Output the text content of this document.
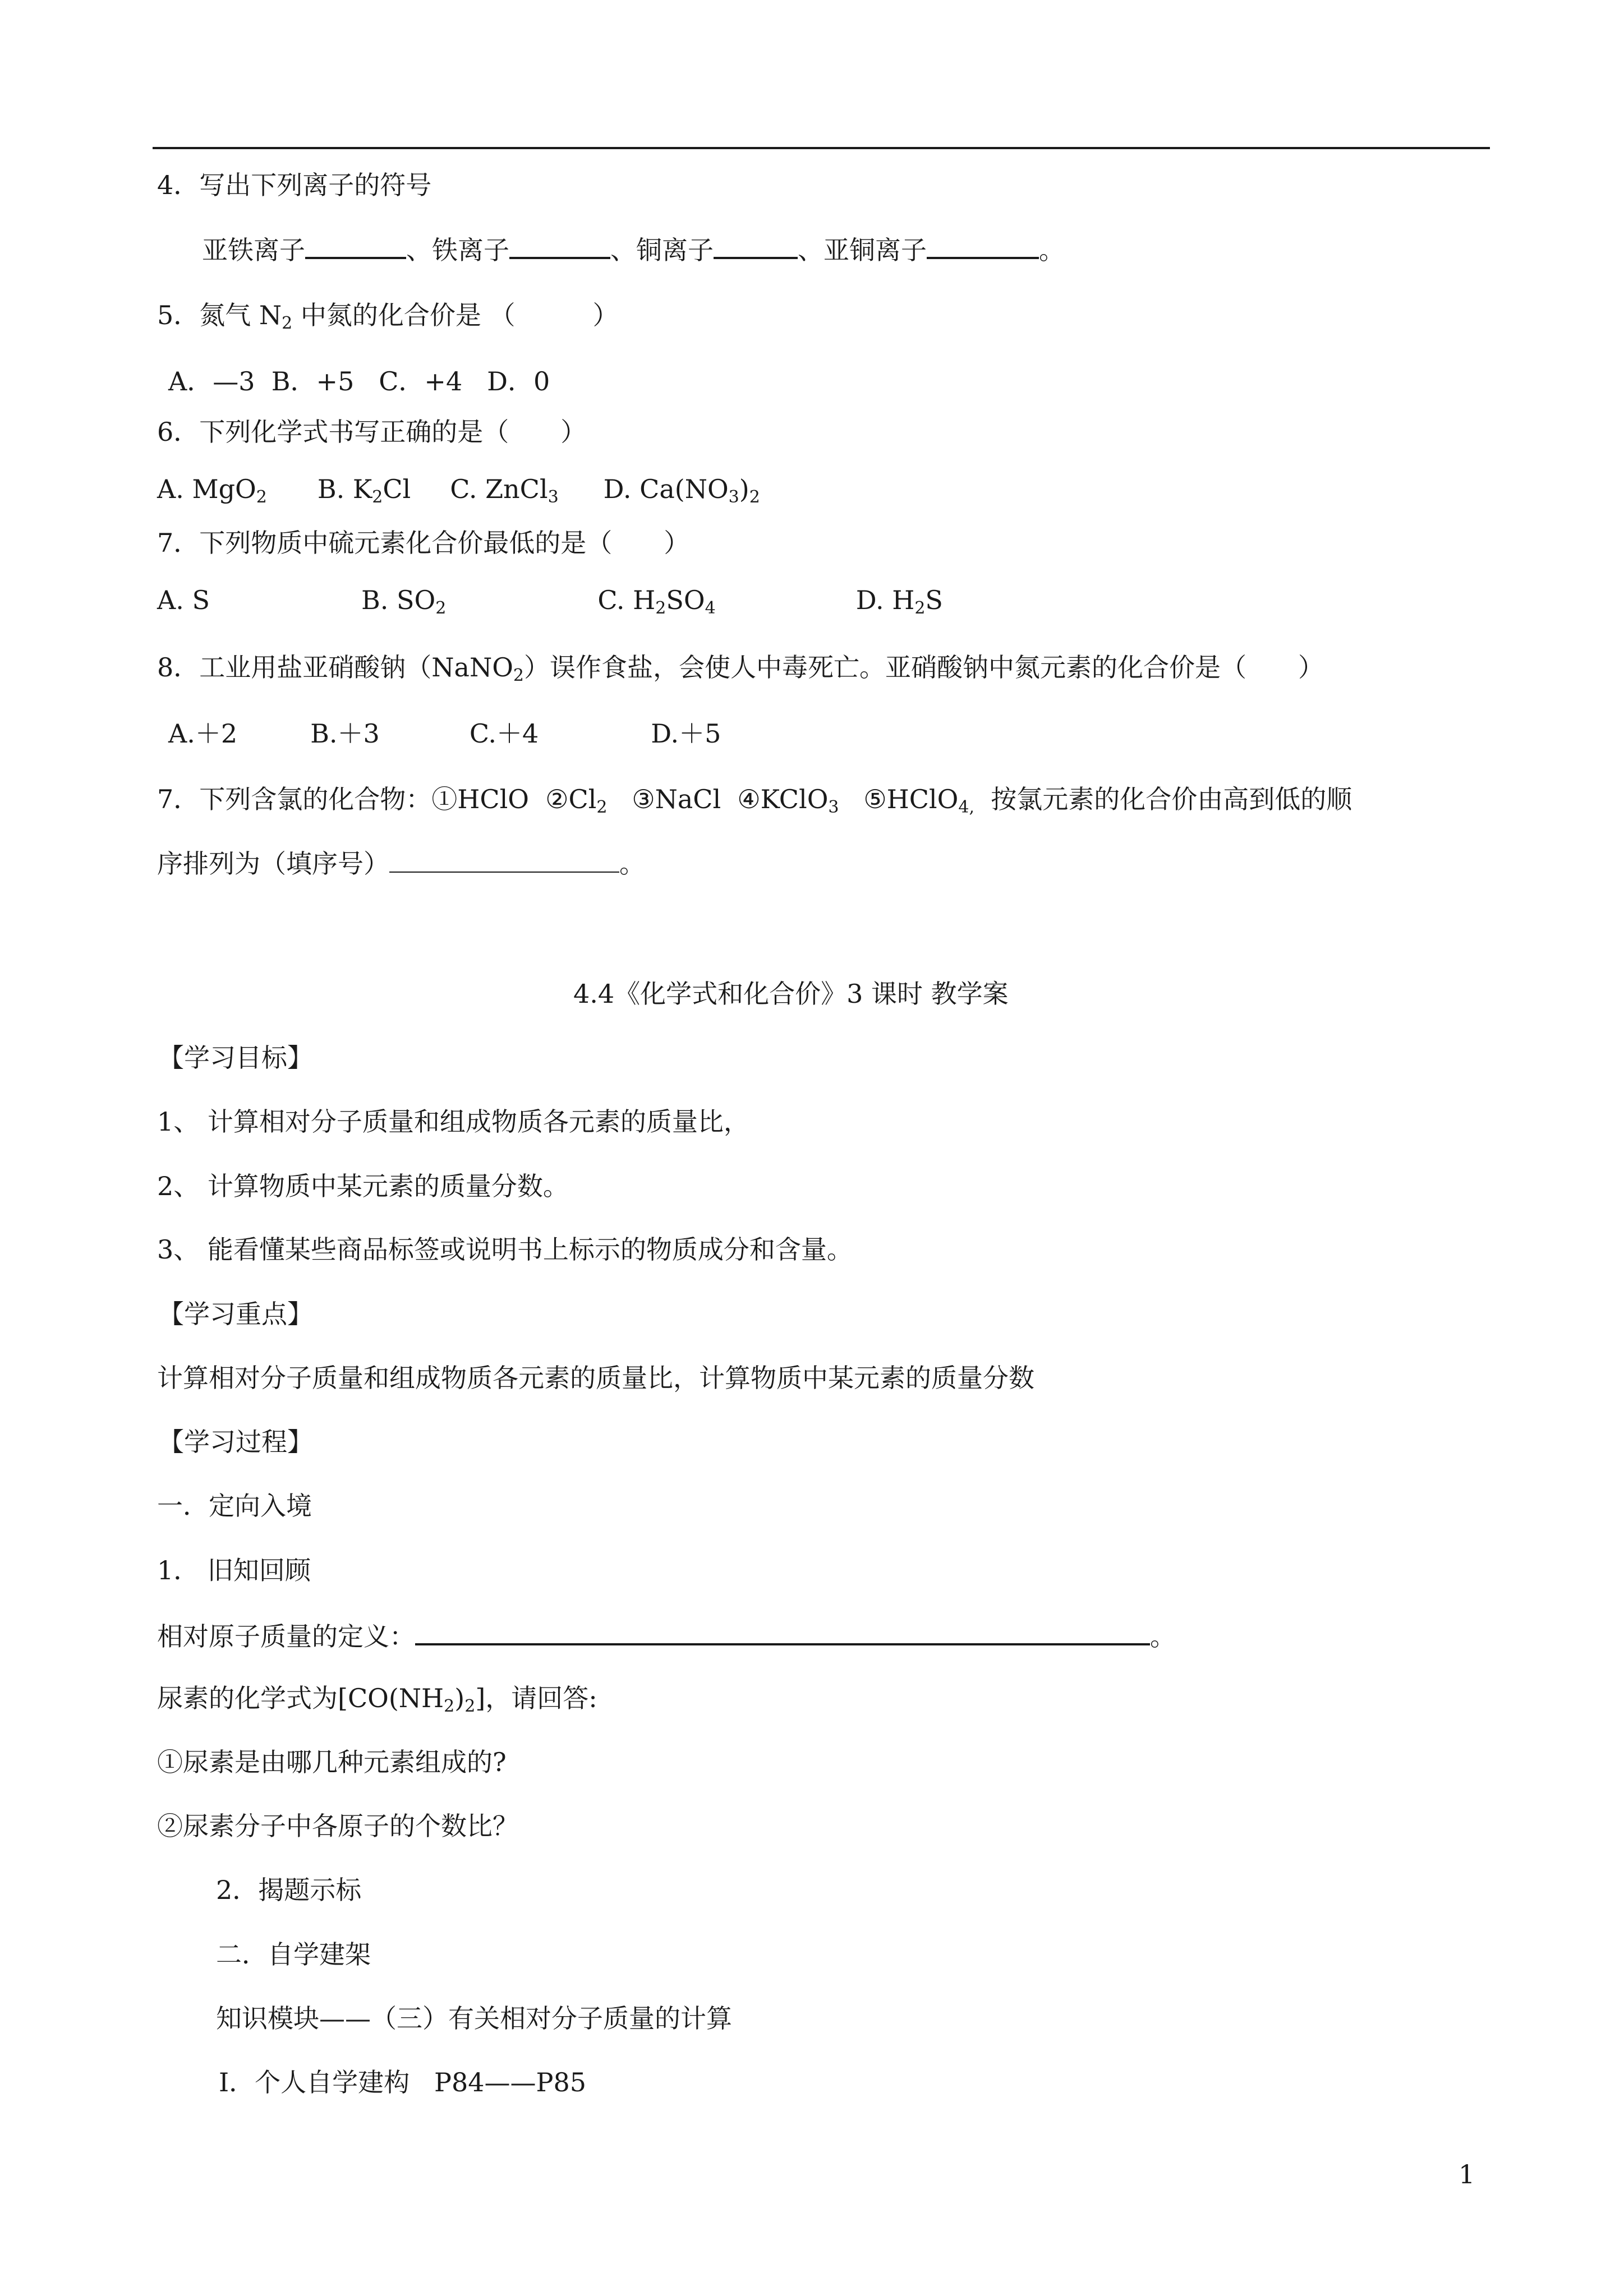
4．写出下列离子的符号
亚铁离子	、铁离子	、铜离子	、亚铜离子	。
5．氮气 $N_2$ 中氮的化合价是 （　　　）
A．—3  B．+5   C．+4   D．0
6．下列化学式书写正确的是（　　）
A. MgO$_2$ B. $K_2Cl$ C. ZnCl$_3$ D. $Ca(NO_3)_2$
7．下列物质中硫元素化合价最低的是（　　）
A. S	B. $SO_2$	C. $H_2SO_4$	D. $H_2S$
8．工业用盐亚硝酸钠（NaNO$_2$）误作食盐，会使人中毒死亡。亚硝酸钠中氮元素的化合价是（　　）
A.＋2	B.＋3	C.＋4	D.＋5
7．下列含氯的化合物：①HClO  $②Cl_2$   ③NaCl  ④KClO$_3$   ⑤HClO$_{4,}$  按氯元素的化合价由高到低的顺
序排列为（填序号）	。
4.4《化学式和化合价》3 课时 教学案
【学习目标】
1、 计算相对分子质量和组成物质各元素的质量比，
2、 计算物质中某元素的质量分数。
3、 能看懂某些商品标签或说明书上标示的物质成分和含量。
【学习重点】
计算相对分子质量和组成物质各元素的质量比，计算物质中某元素的质量分数
【学习过程】
一．定向入境
1． 旧知回顾
相对原子质量的定义：	。
尿素的化学式为$[CO(NH_2)_2]$，请回答:
①尿素是由哪几种元素组成的?
②尿素分子中各原子的个数比？
2．揭题示标
二．自学建架
知识模块——（三）有关相对分子质量的计算
Ⅰ．个人自学建构   P84——P85
1
